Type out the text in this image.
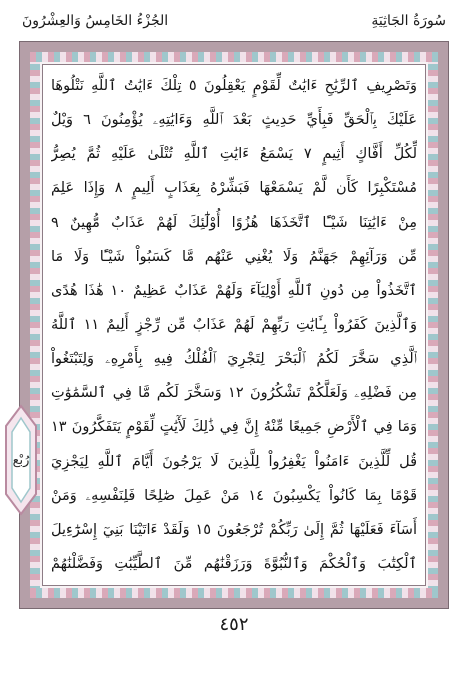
الجُزْءُ الخَامِسُ وَالعِشْرُونَ	سُورَةُ الجَاثِيَةِ
وَتَصْرِيفِ ٱلرِّيَٰحِ ءَايَٰتٌ لِّقَوْمٍ يَعْقِلُونَ ٥ تِلْكَ ءَايَٰتُ ٱللَّهِ نَتْلُوهَا
عَلَيْكَ بِٱلْحَقِّ فَبِأَيِّ حَدِيثٍ بَعْدَ ٱللَّهِ وَءَايَٰتِهِۦ يُؤْمِنُونَ ٦ وَيْلٌ
لِّكُلِّ أَفَّاكٍ أَثِيمٍ ٧ يَسْمَعُ ءَايَٰتِ ٱللَّهِ تُتْلَىٰ عَلَيْهِ ثُمَّ يُصِرُّ
مُسْتَكْبِرًا كَأَن لَّمْ يَسْمَعْهَا فَبَشِّرْهُ بِعَذَابٍ أَلِيمٍ ٨ وَإِذَا عَلِمَ
مِنْ ءَايَٰتِنَا شَيْـًٔا ٱتَّخَذَهَا هُزُوًا أُوْلَٰٓئِكَ لَهُمْ عَذَابٌ مُّهِينٌ ٩
مِّن وَرَآئِهِمْ جَهَنَّمُ وَلَا يُغْنِي عَنْهُم مَّا كَسَبُواْ شَيْـًٔا وَلَا مَا
ٱتَّخَذُواْ مِن دُونِ ٱللَّهِ أَوْلِيَآءَ وَلَهُمْ عَذَابٌ عَظِيمٌ ١٠ هَٰذَا هُدًى
وَٱلَّذِينَ كَفَرُواْ بِـَٔايَٰتِ رَبِّهِمْ لَهُمْ عَذَابٌ مِّن رِّجْزٍ أَلِيمٌ ١١ ٱللَّهُ
ٱلَّذِي سَخَّرَ لَكُمُ ٱلْبَحْرَ لِتَجْرِيَ ٱلْفُلْكُ فِيهِ بِأَمْرِهِۦ وَلِتَبْتَغُواْ
مِن فَضْلِهِۦ وَلَعَلَّكُمْ تَشْكُرُونَ ١٢ وَسَخَّرَ لَكُم مَّا فِي ٱلسَّمَٰوَٰتِ
وَمَا فِي ٱلْأَرْضِ جَمِيعًا مِّنْهُ إِنَّ فِي ذَٰلِكَ لَأٓيَٰتٍ لِّقَوْمٍ يَتَفَكَّرُونَ ١٣
قُل لِّلَّذِينَ ءَامَنُواْ يَغْفِرُواْ لِلَّذِينَ لَا يَرْجُونَ أَيَّامَ ٱللَّهِ لِيَجْزِيَ
قَوْمًا بِمَا كَانُواْ يَكْسِبُونَ ١٤ مَنْ عَمِلَ صَٰلِحًا فَلِنَفْسِهِۦ وَمَنْ
أَسَآءَ فَعَلَيْهَا ثُمَّ إِلَىٰ رَبِّكُمْ تُرْجَعُونَ ١٥ وَلَقَدْ ءَاتَيْنَا بَنِيٓ إِسْرَٰٓءِيلَ
ٱلْكِتَٰبَ وَٱلْحُكْمَ وَٱلنُّبُوَّةَ وَرَزَقْنَٰهُم مِّنَ ٱلطَّيِّبَٰتِ وَفَضَّلْنَٰهُمْ
رُبْع
٤٥٢
